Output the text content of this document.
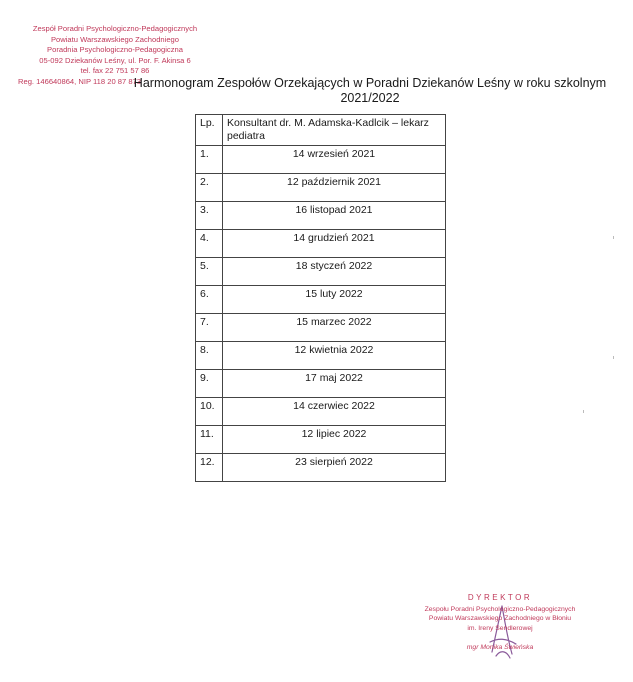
Zespół Poradni Psychologiczno-Pedagogicznych
Powiatu Warszawskiego Zachodniego
Poradnia Psychologiczno-Pedagogiczna
05-092 Dziekanów Leśny, ul. Por. F. Akinsa 6
tel. fax 22 751 57 86
Reg. 146640864, NIP 118 20 87 873
Harmonogram Zespołów Orzekających w Poradni Dziekanów Leśny w roku szkolnym
2021/2022
Lp.	Konsultant dr. M. Adamska-Kadlcik – lekarz pediatra
1.	14 wrzesień 2021
2.	12 październik 2021
3.	16 listopad 2021
4.	14 grudzień 2021
5.	18 styczeń 2022
6.	15 luty 2022
7.	15 marzec 2022
8.	12 kwietnia 2022
9.	17 maj 2022
10.	14 czerwiec 2022
11.	12 lipiec 2022
12.	23 sierpień 2022
DYREKTOR
Zespołu Poradni Psychologiczno-Pedagogicznych
Powiatu Warszawskiego Zachodniego w Błoniu
im. Ireny Sendlerowej
mgr Monika Świeńska
